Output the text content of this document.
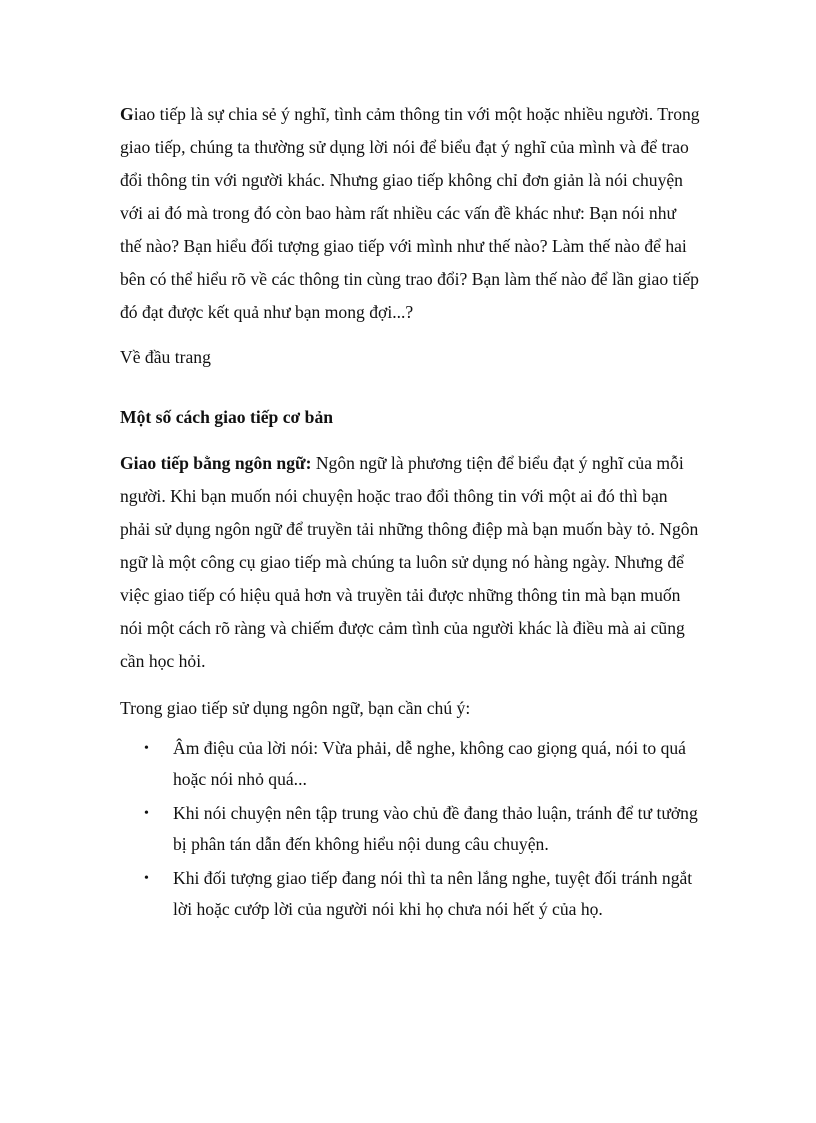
Giao tiếp là sự chia sẻ ý nghĩ, tình cảm thông tin với một hoặc nhiều người. Trong giao tiếp, chúng ta thường sử dụng lời nói để biểu đạt ý nghĩ của mình và để trao đổi thông tin với người khác. Nhưng giao tiếp không chỉ đơn giản là nói chuyện với ai đó mà trong đó còn bao hàm rất nhiều các vấn đề khác như: Bạn nói như thế nào? Bạn hiểu đối tượng giao tiếp với mình như thế nào? Làm thế nào để hai bên có thể hiểu rõ về các thông tin cùng trao đổi? Bạn làm thế nào để lần giao tiếp đó đạt được kết quả như bạn mong đợi...?

Về đầu trang

Một số cách giao tiếp cơ bản

Giao tiếp bằng ngôn ngữ: Ngôn ngữ là phương tiện để biểu đạt ý nghĩ của mỗi người. Khi bạn muốn nói chuyện hoặc trao đổi thông tin với một ai đó thì bạn phải sử dụng ngôn ngữ để truyền tải những thông điệp mà bạn muốn bày tỏ. Ngôn ngữ là một công cụ giao tiếp mà chúng ta luôn sử dụng nó hàng ngày. Nhưng để việc giao tiếp có hiệu quả hơn và truyền tải được những thông tin mà bạn muốn nói một cách rõ ràng và chiếm được cảm tình của người khác là điều mà ai cũng cần học hỏi.

Trong giao tiếp sử dụng ngôn ngữ, bạn cần chú ý:

• Âm điệu của lời nói: Vừa phải, dễ nghe, không cao giọng quá, nói to quá hoặc nói nhỏ quá...
• Khi nói chuyện nên tập trung vào chủ đề đang thảo luận, tránh để tư tưởng bị phân tán dẫn đến không hiểu nội dung câu chuyện.
• Khi đối tượng giao tiếp đang nói thì ta nên lắng nghe, tuyệt đối tránh ngắt lời hoặc cướp lời của người nói khi họ chưa nói hết ý của họ.
